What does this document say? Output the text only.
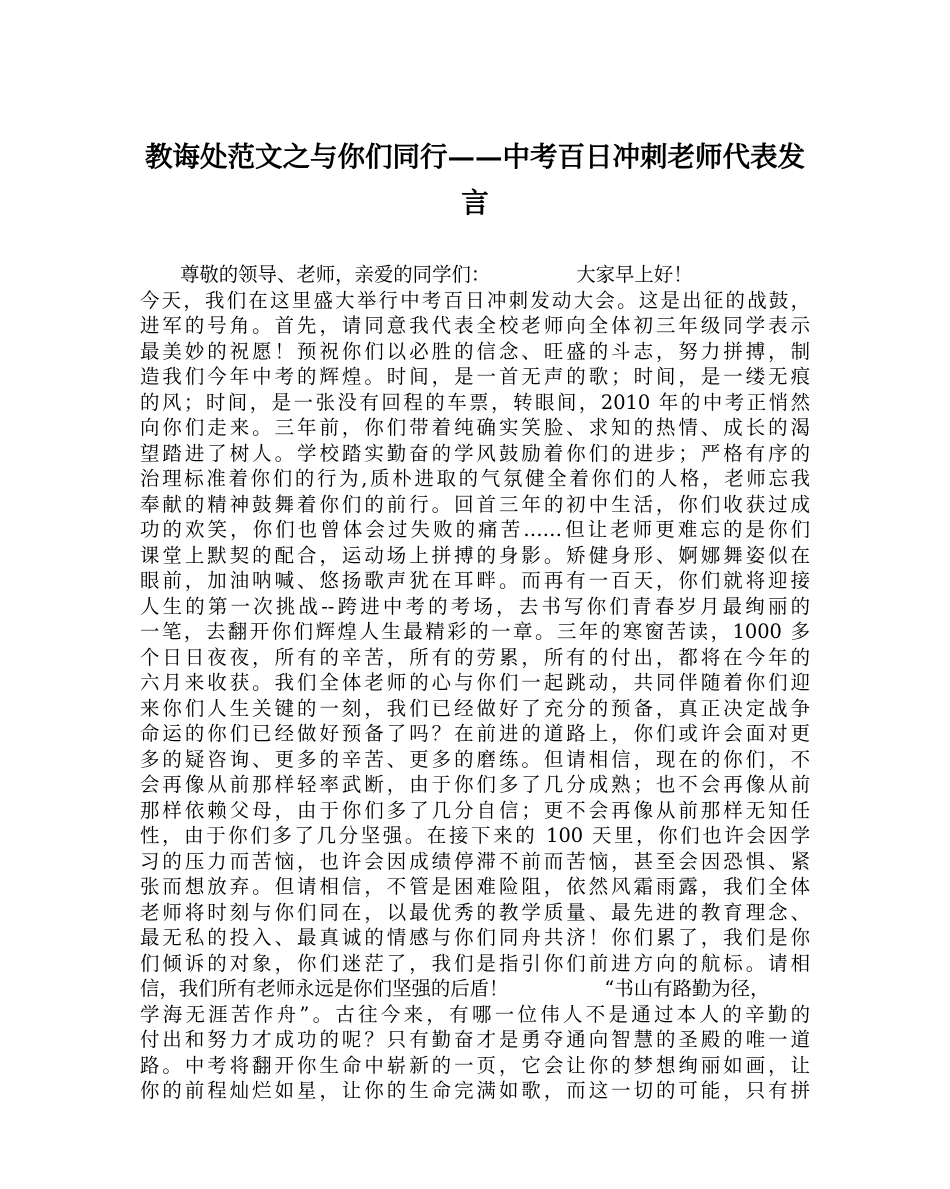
教诲处范文之与你们同行——中考百日冲刺老师代表发
言

尊敬的领导、老师，亲爱的同学们：	大家早上好！

今天，我们在这里盛大举行中考百日冲刺发动大会。这是出征的战鼓，

进军的号角。首先，请同意我代表全校老师向全体初三年级同学表示

最美妙的祝愿！预祝你们以必胜的信念、旺盛的斗志，努力拼搏，制

造我们今年中考的辉煌。时间，是一首无声的歌；时间，是一缕无痕

的风；时间，是一张没有回程的车票，转眼间，2010 年的中考正悄然

向你们走来。三年前，你们带着纯确实笑脸、求知的热情、成长的渴

望踏进了树人。学校踏实勤奋的学风鼓励着你们的进步；严格有序的

治理标准着你们的行为,质朴进取的气氛健全着你们的人格，老师忘我

奉献的精神鼓舞着你们的前行。回首三年的初中生活，你们收获过成

功的欢笑，你们也曾体会过失败的痛苦……但让老师更难忘的是你们

课堂上默契的配合，运动场上拼搏的身影。矫健身形、婀娜舞姿似在

眼前，加油呐喊、悠扬歌声犹在耳畔。而再有一百天，你们就将迎接

人生的第一次挑战--跨进中考的考场，去书写你们青春岁月最绚丽的

一笔，去翻开你们辉煌人生最精彩的一章。三年的寒窗苦读，1000 多

个日日夜夜，所有的辛苦，所有的劳累，所有的付出，都将在今年的

六月来收获。我们全体老师的心与你们一起跳动，共同伴随着你们迎

来你们人生关键的一刻，我们已经做好了充分的预备，真正决定战争

命运的你们已经做好预备了吗？在前进的道路上，你们或许会面对更

多的疑咨询、更多的辛苦、更多的磨练。但请相信，现在的你们，不

会再像从前那样轻率武断，由于你们多了几分成熟；也不会再像从前

那样依赖父母，由于你们多了几分自信；更不会再像从前那样无知任

性，由于你们多了几分坚强。在接下来的 100 天里，你们也许会因学

习的压力而苦恼，也许会因成绩停滞不前而苦恼，甚至会因恐惧、紧

张而想放弃。但请相信，不管是困难险阻，依然风霜雨露，我们全体

老师将时刻与你们同在，以最优秀的教学质量、最先进的教育理念、

最无私的投入、最真诚的情感与你们同舟共济！你们累了，我们是你

们倾诉的对象，你们迷茫了，我们是指引你们前进方向的航标。请相

信，我们所有老师永远是你们坚强的后盾！	“书山有路勤为径，

学海无涯苦作舟”。古往今来，有哪一位伟人不是通过本人的辛勤的

付出和努力才成功的呢？只有勤奋才是勇夺通向智慧的圣殿的唯一道

路。中考将翻开你生命中崭新的一页，它会让你的梦想绚丽如画，让

你的前程灿烂如星，让你的生命完满如歌，而这一切的可能，只有拼
